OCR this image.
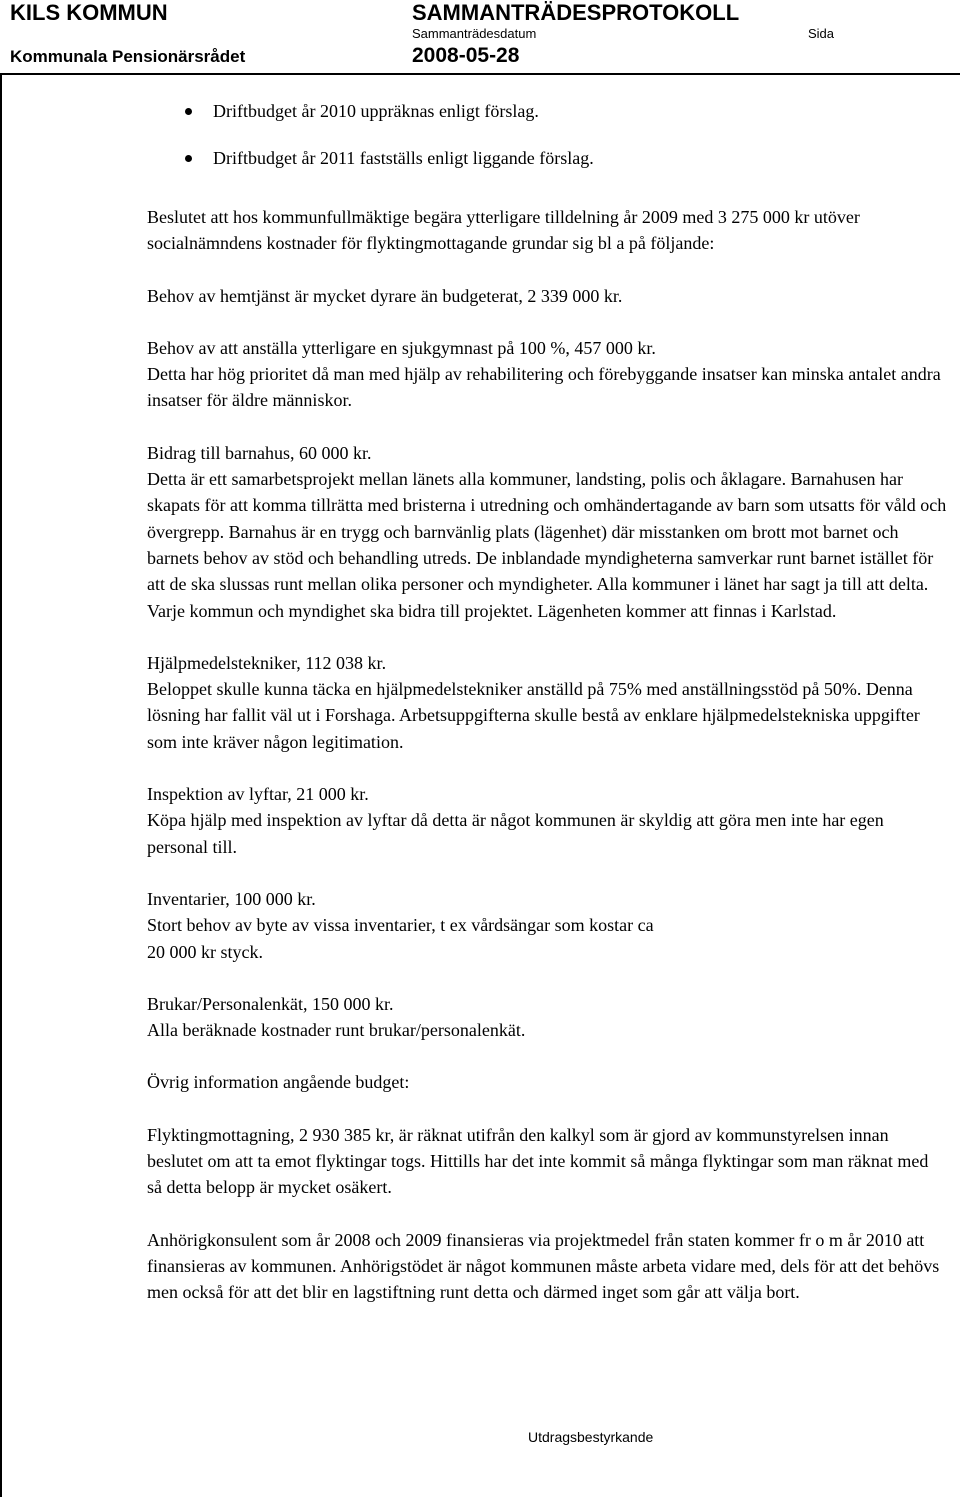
KILS KOMMUN	SAMMANTRÄDESPROTOKOLL
Sammanträdesdatum	Sida
Kommunala Pensionärsrådet	2008-05-28
Driftbudget år 2010 uppräknas enligt förslag.
Driftbudget år 2011 fastställs enligt liggande förslag.

Beslutet att hos kommunfullmäktige begära ytterligare tilldelning år 2009 med 3 275 000 kr utöver socialnämndens kostnader för flyktingmottagande grundar sig bl a på följande:

Behov av hemtjänst är mycket dyrare än budgeterat, 2 339 000 kr.

Behov av att anställa ytterligare en sjukgymnast på 100 %, 457 000 kr.

Detta har hög prioritet då man med hjälp av rehabilitering och förebyggande insatser kan minska antalet andra insatser för äldre människor.

Bidrag till barnahus, 60 000 kr.

Detta är ett samarbetsprojekt mellan länets alla kommuner, landsting, polis och åklagare. Barnahusen har skapats för att komma tillrätta med bristerna i utredning och omhändertagande av barn som utsatts för våld och övergrepp. Barnahus är en trygg och barnvänlig plats (lägenhet) där misstanken om brott mot barnet och barnets behov av stöd och behandling utreds. De inblandade myndigheterna samverkar runt barnet istället för att de ska slussas runt mellan olika personer och myndigheter. Alla kommuner i länet har sagt ja till att delta. Varje kommun och myndighet ska bidra till projektet. Lägenheten kommer att finnas i Karlstad.

Hjälpmedelstekniker, 112 038 kr.

Beloppet skulle kunna täcka en hjälpmedelstekniker anställd på 75% med anställningsstöd på 50%. Denna lösning har fallit väl ut i Forshaga. Arbetsuppgifterna skulle bestå av enklare hjälpmedelstekniska uppgifter som inte kräver någon legitimation.

Inspektion av lyftar, 21 000 kr.

Köpa hjälp med inspektion av lyftar då detta är något kommunen är skyldig att göra men inte har egen personal till.

Inventarier, 100 000 kr.

Stort behov av byte av vissa inventarier, t ex vårdsängar som kostar ca

20 000 kr styck.

Brukar/Personalenkät, 150 000 kr.

Alla beräknade kostnader runt brukar/personalenkät.

Övrig information angående budget:

Flyktingmottagning, 2 930 385 kr, är räknat utifrån den kalkyl som är gjord av kommunstyrelsen innan beslutet om att ta emot flyktingar togs. Hittills har det inte kommit så många flyktingar som man räknat med så detta belopp är mycket osäkert.

Anhörigkonsulent som år 2008 och 2009 finansieras via projektmedel från staten kommer fr o m år 2010 att finansieras av kommunen. Anhörigstödet är något kommunen måste arbeta vidare med, dels för att det behövs men också för att det blir en lagstiftning runt detta och därmed inget som går att välja bort.

Utdragsbestyrkande
